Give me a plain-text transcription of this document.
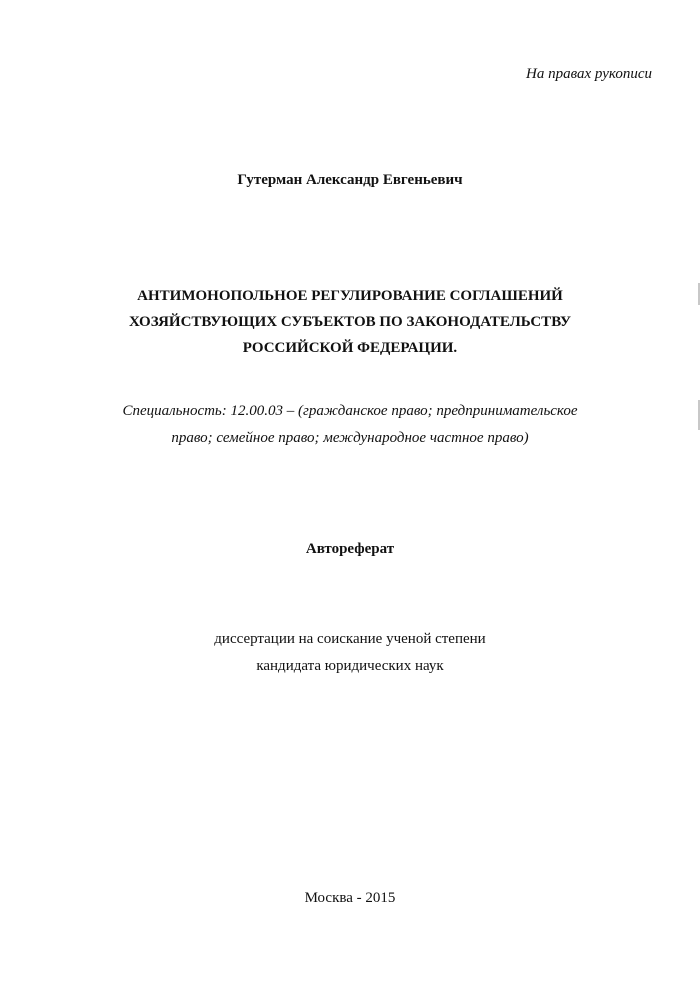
На правах рукописи
Гутерман Александр Евгеньевич
АНТИМОНОПОЛЬНОЕ РЕГУЛИРОВАНИЕ СОГЛАШЕНИЙ
ХОЗЯЙСТВУЮЩИХ СУБЪЕКТОВ ПО ЗАКОНОДАТЕЛЬСТВУ
РОССИЙСКОЙ ФЕДЕРАЦИИ.
Специальность: 12.00.03 – (гражданское право; предпринимательское
право; семейное право; международное частное право)
Автореферат
диссертации на соискание ученой степени
кандидата юридических наук
Москва - 2015
